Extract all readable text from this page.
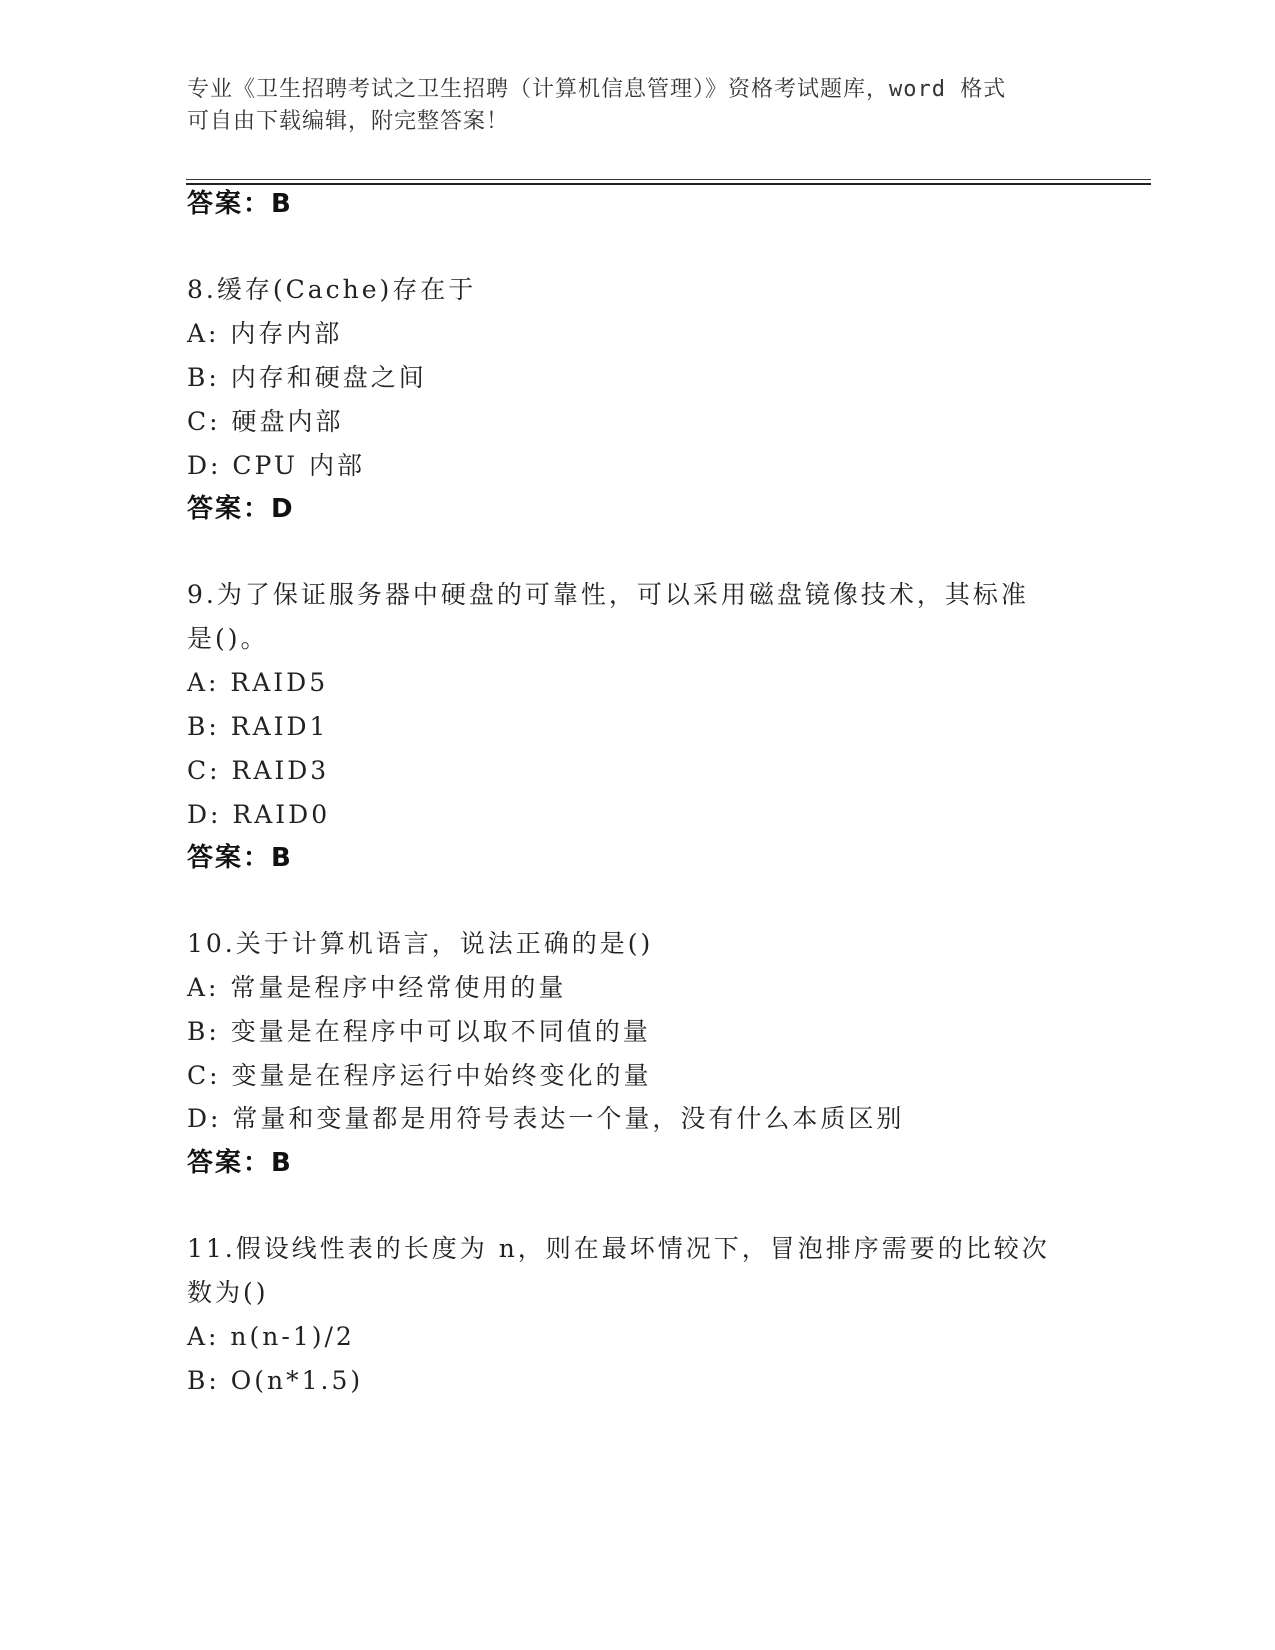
专业《卫生招聘考试之卫生招聘（计算机信息管理）》资格考试题库，word 格式
可自由下载编辑，附完整答案！
答案：B
8.缓存(Cache)存在于
A: 内存内部
B: 内存和硬盘之间
C: 硬盘内部
D: CPU 内部
答案：D
9.为了保证服务器中硬盘的可靠性，可以采用磁盘镜像技术，其标准
是()。
A: RAID5
B: RAID1
C: RAID3
D: RAID0
答案：B
10.关于计算机语言，说法正确的是()
A: 常量是程序中经常使用的量
B: 变量是在程序中可以取不同值的量
C: 变量是在程序运行中始终变化的量
D: 常量和变量都是用符号表达一个量，没有什么本质区别
答案：B
11.假设线性表的长度为 n，则在最坏情况下，冒泡排序需要的比较次
数为()
A: n(n-1)/2
B: O(n*1.5)
